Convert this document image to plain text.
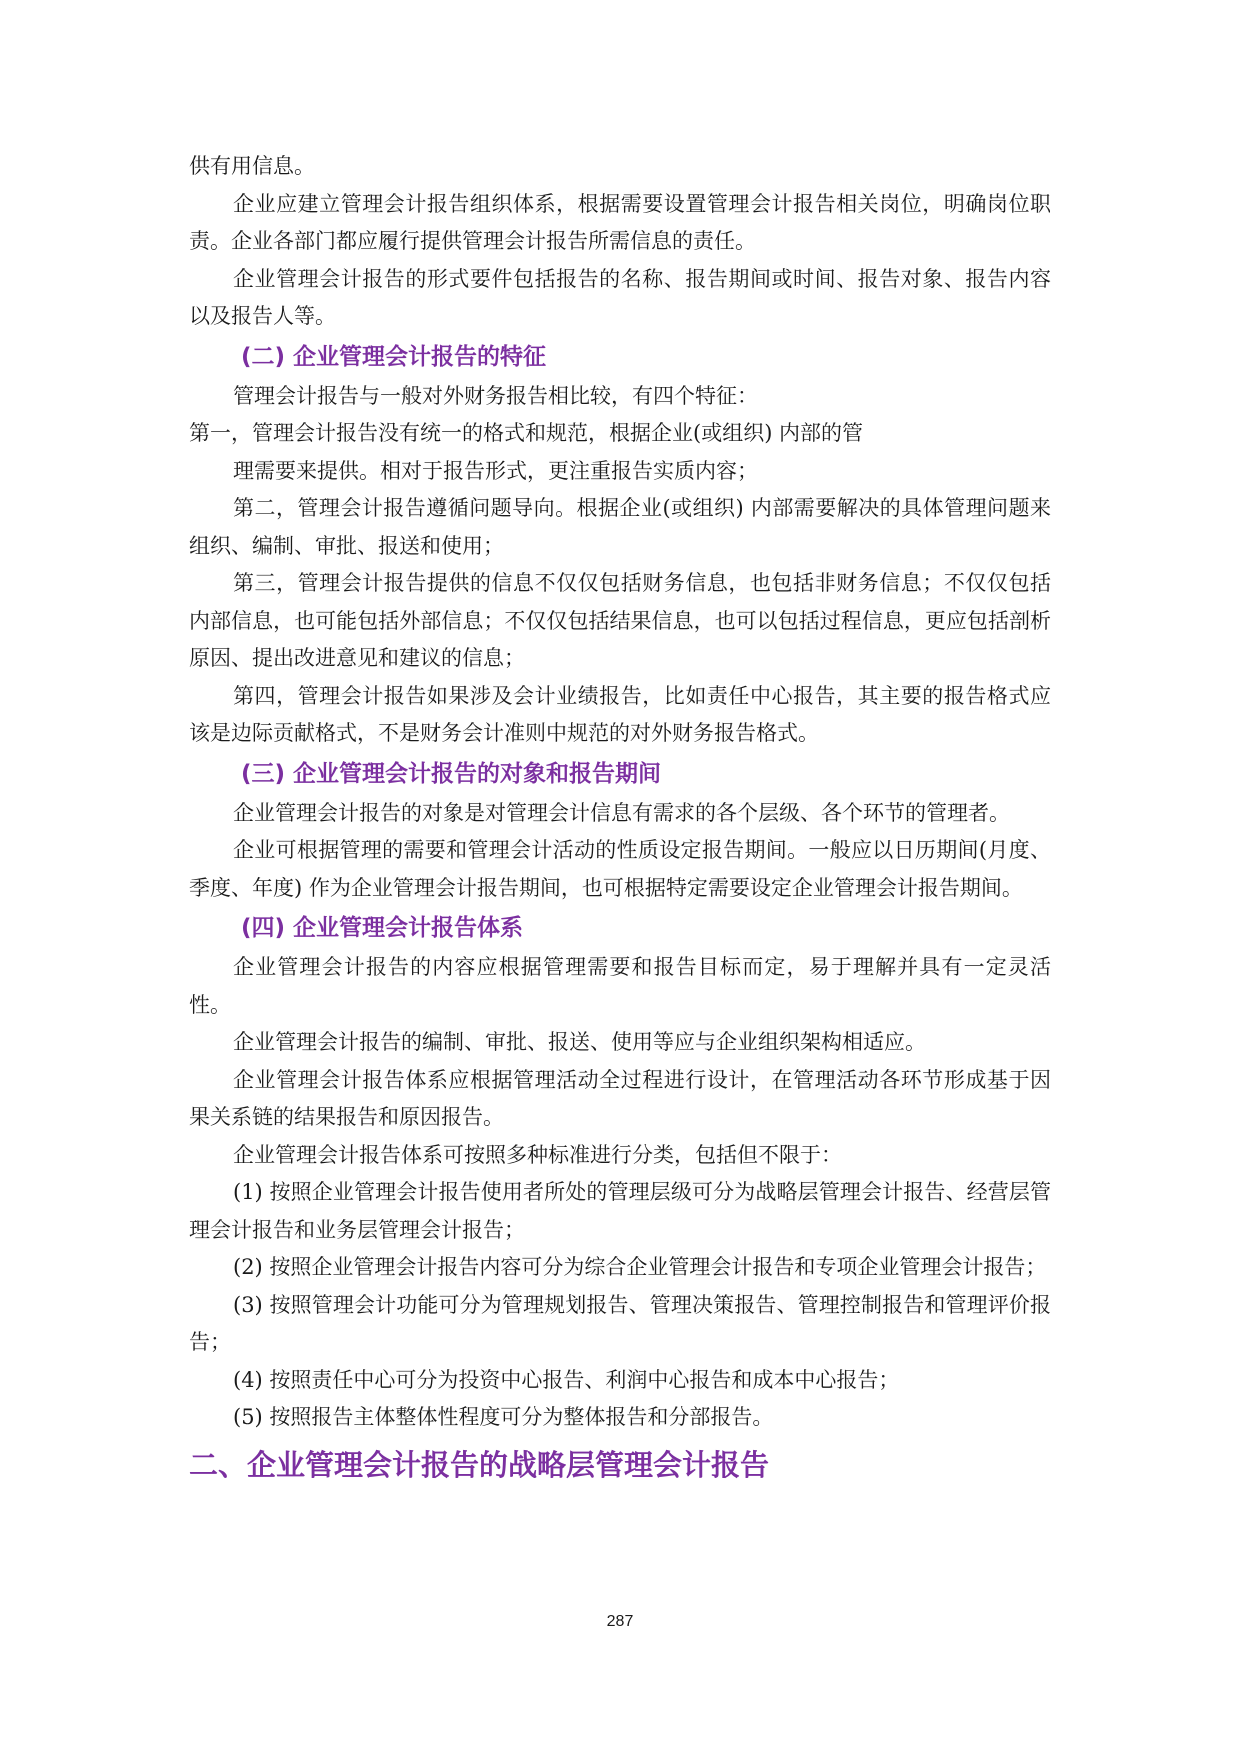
供有用信息。

企业应建立管理会计报告组织体系，根据需要设置管理会计报告相关岗位，明确岗位职责。企业各部门都应履行提供管理会计报告所需信息的责任。

企业管理会计报告的形式要件包括报告的名称、报告期间或时间、报告对象、报告内容以及报告人等。

(二) 企业管理会计报告的特征

管理会计报告与一般对外财务报告相比较，有四个特征：

第一，管理会计报告没有统一的格式和规范，根据企业(或组织) 内部的管

理需要来提供。相对于报告形式，更注重报告实质内容；

第二，管理会计报告遵循问题导向。根据企业(或组织) 内部需要解决的具体管理问题来组织、编制、审批、报送和使用；

第三，管理会计报告提供的信息不仅仅包括财务信息，也包括非财务信息；不仅仅包括内部信息，也可能包括外部信息；不仅仅包括结果信息，也可以包括过程信息，更应包括剖析原因、提出改进意见和建议的信息；

第四，管理会计报告如果涉及会计业绩报告，比如责任中心报告，其主要的报告格式应该是边际贡献格式，不是财务会计准则中规范的对外财务报告格式。

(三) 企业管理会计报告的对象和报告期间

企业管理会计报告的对象是对管理会计信息有需求的各个层级、各个环节的管理者。

企业可根据管理的需要和管理会计活动的性质设定报告期间。一般应以日历期间(月度、季度、年度) 作为企业管理会计报告期间，也可根据特定需要设定企业管理会计报告期间。

(四) 企业管理会计报告体系

企业管理会计报告的内容应根据管理需要和报告目标而定，易于理解并具有一定灵活性。

企业管理会计报告的编制、审批、报送、使用等应与企业组织架构相适应。

企业管理会计报告体系应根据管理活动全过程进行设计，在管理活动各环节形成基于因果关系链的结果报告和原因报告。

企业管理会计报告体系可按照多种标准进行分类，包括但不限于：

(1) 按照企业管理会计报告使用者所处的管理层级可分为战略层管理会计报告、经营层管理会计报告和业务层管理会计报告；

(2) 按照企业管理会计报告内容可分为综合企业管理会计报告和专项企业管理会计报告；

(3) 按照管理会计功能可分为管理规划报告、管理决策报告、管理控制报告和管理评价报告；

(4) 按照责任中心可分为投资中心报告、利润中心报告和成本中心报告；

(5) 按照报告主体整体性程度可分为整体报告和分部报告。

二、企业管理会计报告的战略层管理会计报告
287
